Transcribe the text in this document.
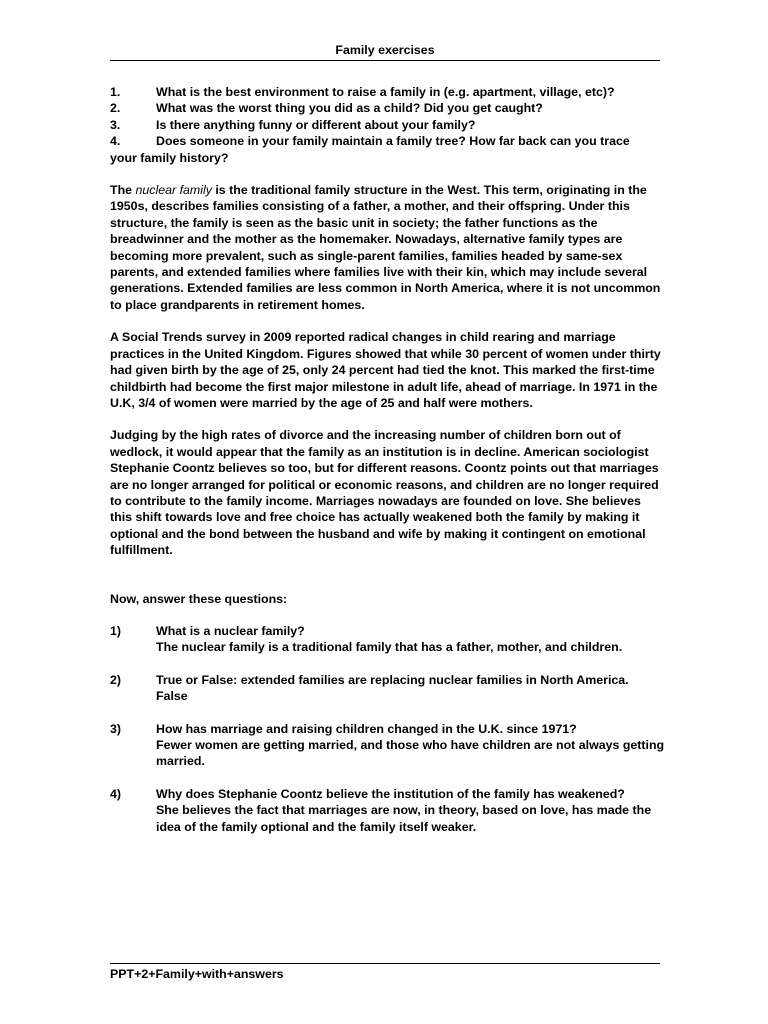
Family exercises
1.	What is the best environment to raise a family in (e.g. apartment, village, etc)?
2.	What was the worst thing you did as a child? Did you get caught?
3.	Is there anything funny or different about your family?
4.	Does someone in your family maintain a family tree? How far back can you trace
your family history?

The nuclear family is the traditional family structure in the West. This term, originating in the 1950s, describes families consisting of a father, a mother, and their offspring. Under this structure, the family is seen as the basic unit in society; the father functions as the breadwinner and the mother as the homemaker. Nowadays, alternative family types are becoming more prevalent, such as single-parent families, families headed by same-sex parents, and extended families where families live with their kin, which may include several generations. Extended families are less common in North America, where it is not uncommon to place grandparents in retirement homes.

A Social Trends survey in 2009 reported radical changes in child rearing and marriage practices in the United Kingdom. Figures showed that while 30 percent of women under thirty had given birth by the age of 25, only 24 percent had tied the knot. This marked the first-time childbirth had become the first major milestone in adult life, ahead of marriage. In 1971 in the U.K, 3/4 of women were married by the age of 25 and half were mothers.
Judging by the high rates of divorce and the increasing number of children born out of wedlock, it would appear that the family as an institution is in decline. American sociologist Stephanie Coontz believes so too, but for different reasons. Coontz points out that marriages are no longer arranged for political or economic reasons, and children are no longer required to contribute to the family income. Marriages nowadays are founded on love. She believes this shift towards love and free choice has actually weakened both the family by making it optional and the bond between the husband and wife by making it contingent on emotional fulfillment.
Now, answer these questions:
1)	What is a nuclear family?
The nuclear family is a traditional family that has a father, mother, and children.
2)	True or False: extended families are replacing nuclear families in North America.
False
3)	How has marriage and raising children changed in the U.K. since 1971?
Fewer women are getting married, and those who have children are not always getting married.
4)	Why does Stephanie Coontz believe the institution of the family has weakened?
She believes the fact that marriages are now, in theory, based on love, has made the idea of the family optional and the family itself weaker.
PPT+2+Family+with+answers
